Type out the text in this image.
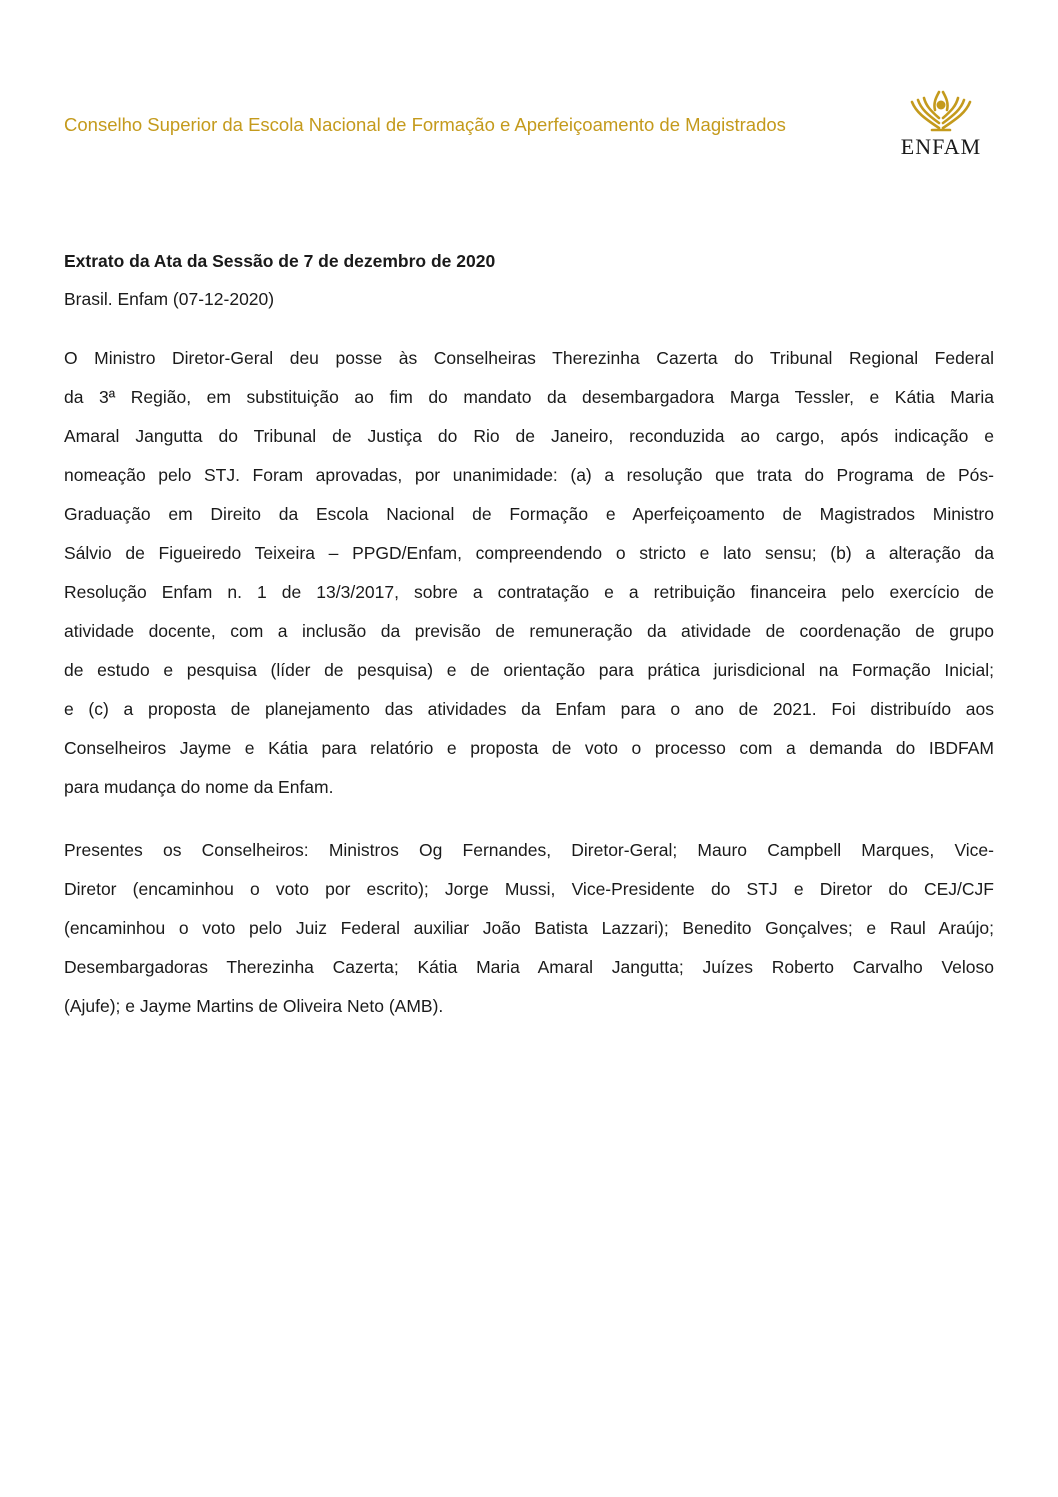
Conselho Superior da Escola Nacional de Formação e Aperfeiçoamento de Magistrados
ENFAM
Extrato da Ata da Sessão de 7 de dezembro de 2020
Brasil. Enfam (07-12-2020)
O Ministro Diretor-Geral deu posse às Conselheiras Therezinha Cazerta do Tribunal Regional Federal
da 3ª Região, em substituição ao fim do mandato da desembargadora Marga Tessler, e Kátia Maria
Amaral Jangutta do Tribunal de Justiça do Rio de Janeiro, reconduzida ao cargo, após indicação e
nomeação pelo STJ. Foram aprovadas, por unanimidade: (a) a resolução que trata do Programa de Pós-
Graduação em Direito da Escola Nacional de Formação e Aperfeiçoamento de Magistrados Ministro
Sálvio de Figueiredo Teixeira – PPGD/Enfam, compreendendo o stricto e lato sensu; (b) a alteração da
Resolução Enfam n. 1 de 13/3/2017, sobre a contratação e a retribuição financeira pelo exercício de
atividade docente, com a inclusão da previsão de remuneração da atividade de coordenação de grupo
de estudo e pesquisa (líder de pesquisa) e de orientação para prática jurisdicional na Formação Inicial;
e (c) a proposta de planejamento das atividades da Enfam para o ano de 2021. Foi distribuído aos
Conselheiros Jayme e Kátia para relatório e proposta de voto o processo com a demanda do IBDFAM
para mudança do nome da Enfam.
Presentes os Conselheiros: Ministros Og Fernandes, Diretor-Geral; Mauro Campbell Marques, Vice-
Diretor (encaminhou o voto por escrito); Jorge Mussi, Vice-Presidente do STJ e Diretor do CEJ/CJF
(encaminhou o voto pelo Juiz Federal auxiliar João Batista Lazzari); Benedito Gonçalves; e Raul Araújo;
Desembargadoras Therezinha Cazerta; Kátia Maria Amaral Jangutta; Juízes Roberto Carvalho Veloso
(Ajufe); e Jayme Martins de Oliveira Neto (AMB).
